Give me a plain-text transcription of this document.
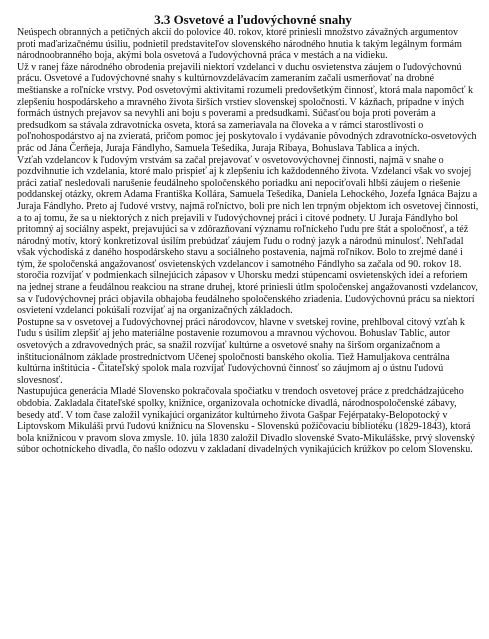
3.3 Osvetové a ľudovýchovné snahy

Neúspech obranných a petičných akcií do polovice 40. rokov, ktoré priniesli množstvo závažných argumentov proti maďarizačnému úsiliu, podnietil predstaviteľov slovenského národného hnutia k takým legálnym formám národnoobranného boja, akými bola osvetová a ľudovýchovná práca v mestách a na vidieku.

Už v ranej fáze národného obrodenia prejavili niektorí vzdelanci v duchu osvietenstva záujem o ľudovýchovnú prácu. Osvetové a ľudovýchovné snahy s kultúrnovzdelávacím zameraním začali usmerňovať na drobné meštianske a roľnícke vrstvy. Pod osvetovými aktivitami rozumeli predovšetkým činnosť, ktorá mala napomôcť k zlepšeniu hospodárskeho a mravného života širších vrstiev slovenskej spoločnosti. V kázňach, prípadne v iných formách ústnych prejavov sa nevyhli ani boju s poverami a predsudkami. Súčasťou boja proti poverám a predsudkom sa stávala zdravotnícka osveta, ktorá sa zameriavala na človeka a v rámci starostlivosti o poľnohospodárstvo aj na zvieratá, pričom pomoc jej poskytovalo i vydávanie pôvodných zdravotnícko-osvetových prác od Jána Čerňeja, Juraja Fándlyho, Samuela Tešedíka, Juraja Ribaya, Bohuslava Tablica a iných.

Vzťah vzdelancov k ľudovým vrstvám sa začal prejavovať v osvetovovýchovnej činnosti, najmä v snahe o pozdvihnutie ich vzdelania, ktoré malo prispieť aj k zlepšeniu ich každodenného života. Vzdelanci však vo svojej práci zatiaľ nesledovali narušenie feudálneho spoločenského poriadku ani nepociťovali hlbší záujem o riešenie poddanskej otázky, okrem Adama Františka Kollára, Samuela Tešedíka, Daniela Lehockého, Jozefa Ignáca Bajzu a Juraja Fándlyho. Preto aj ľudové vrstvy, najmä roľníctvo, boli pre nich len trpným objektom ich osvetovej činnosti, a to aj tomu, že sa u niektorých z nich prejavili v ľudovýchovnej práci i citové podnety. U Juraja Fándlyho bol pritomný aj sociálny aspekt, prejavujúci sa v zdôrazňovaní významu roľníckeho ľudu pre štát a spoločnosť, a též národný motív, ktorý konkretizoval úsilím prebúdzať záujem ľudu o rodný jazyk a národnú minulosť. Nehľadal však východiská z daného hospodárskeho stavu a sociálneho postavenia, najmä roľníkov. Bolo to zrejmé dané i tým, že spoločenská angažovanosť osvietenských vzdelancov i samotného Fándlyho sa začala od 90. rokov 18. storočia rozvíjať v podmienkach silnejúcich zápasov v Uhorsku medzi stúpencami osvietenských ideí a reforiem na jednej strane a feudálnou reakciou na strane druhej, ktoré priniesli útlm spoločenskej angažovanosti vzdelancov, sa v ľudovýchovnej práci objavila obhajoba feudálneho spoločenského zriadenia. Ľudovýchovnú prácu sa niektorí osvietení vzdelanci pokúšali rozvíjať aj na organizačných základoch.

Postupne sa v osvetovej a ľudovýchovnej práci národovcov, hlavne v svetskej rovine, prehlboval citový vzťah k ľudu s úsilím zlepšiť aj jeho materiálne postavenie rozumovou a mravnou výchovou. Bohuslav Tablic, autor osvetových a zdravovedných prác, sa snažil rozvíjať kultúrne a osvetové snahy na širšom organizačnom a inštitucionálnom základe prostredníctvom Učenej spoločnosti banského okolia. Tiež Hamuljakova centrálna kultúrna inštitúcia - Čitateľský spolok mala rozvíjať ľudovýchovnú činnosť so záujmom aj o ústnu ľudovú slovesnosť.

Nastupujúca generácia Mladé Slovensko pokračovala spočiatku v trendoch osvetovej práce z predchádzajúceho obdobia. Zakladala čitateľské spolky, knižnice, organizovala ochotnícke divadlá, národnospoločenské zábavy, besedy atď. V tom čase založil vynikajúci organizátor kultúrneho života Gašpar Fejérpataky-Belopotocký v Liptovskom Mikuláši prvú ľudovú knižnicu na Slovensku - Slovenskú požičovaciu bibliotéku (1829-1843), ktorá bola knižnicou v pravom slova zmysle. 10. júla 1830 založil Divadlo slovenské Svato-Mikulášske, prvý slovenský súbor ochotníckeho divadla, čo našlo odozvu v zakladaní divadelných vynikajúcich krúžkov po celom Slovensku.
